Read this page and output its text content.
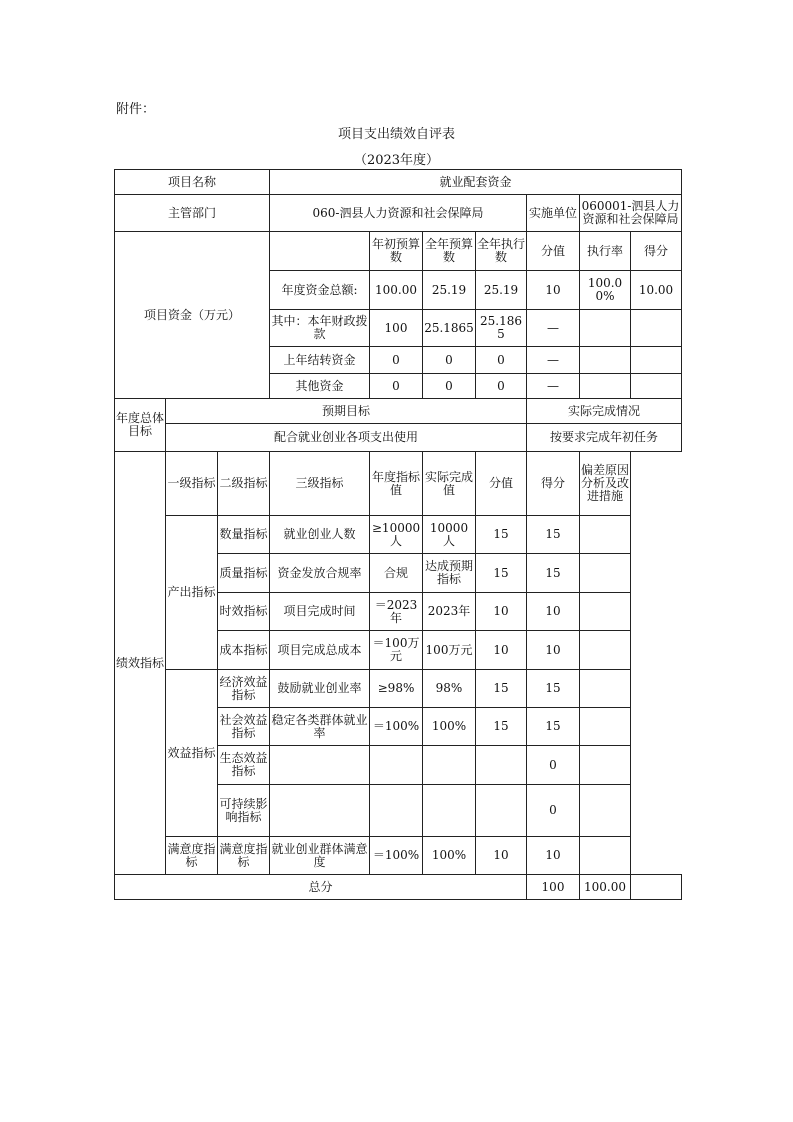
附件：
项目支出绩效自评表
（2023年度）
项目名称			就业配套资金						
主管部门			060-泗县人力资源和社会保障局				实施单位	060001-泗县人力资源和社会保障局	
项目资金（万元）				年初预算数	全年预算数	全年执行数	分值	执行率	得分
			年度资金总额:	100.00	25.19	25.19	10	100.00%	10.00
			其中：本年财政拨款	100	25.1865	25.1865	—		
			上年结转资金	0	0	0	—		
			其他资金	0	0	0	—		
年度总体目标	预期目标						实际完成情况		
	配合就业创业各项支出使用						按要求完成年初任务		
绩效指标	一级指标	二级指标	三级指标	年度指标值	实际完成值	分值	得分	偏差原因分析及改进措施	
	产出指标	数量指标	就业创业人数	≥10000人	10000人	15	15		
		质量指标	资金发放合规率	合规	达成预期指标	15	15		
		时效指标	项目完成时间	＝2023年	2023年	10	10		
		成本指标	项目完成总成本	＝100万元	100万元	10	10		
	效益指标	经济效益指标	鼓励就业创业率	≥98%	98%	15	15		
		社会效益指标	稳定各类群体就业率	＝100%	100%	15	15		
		生态效益指标					0		
		可持续影响指标					0		
	满意度指标	满意度指标	就业创业群体满意度	＝100%	100%	10	10		
总分							100	100.00	
